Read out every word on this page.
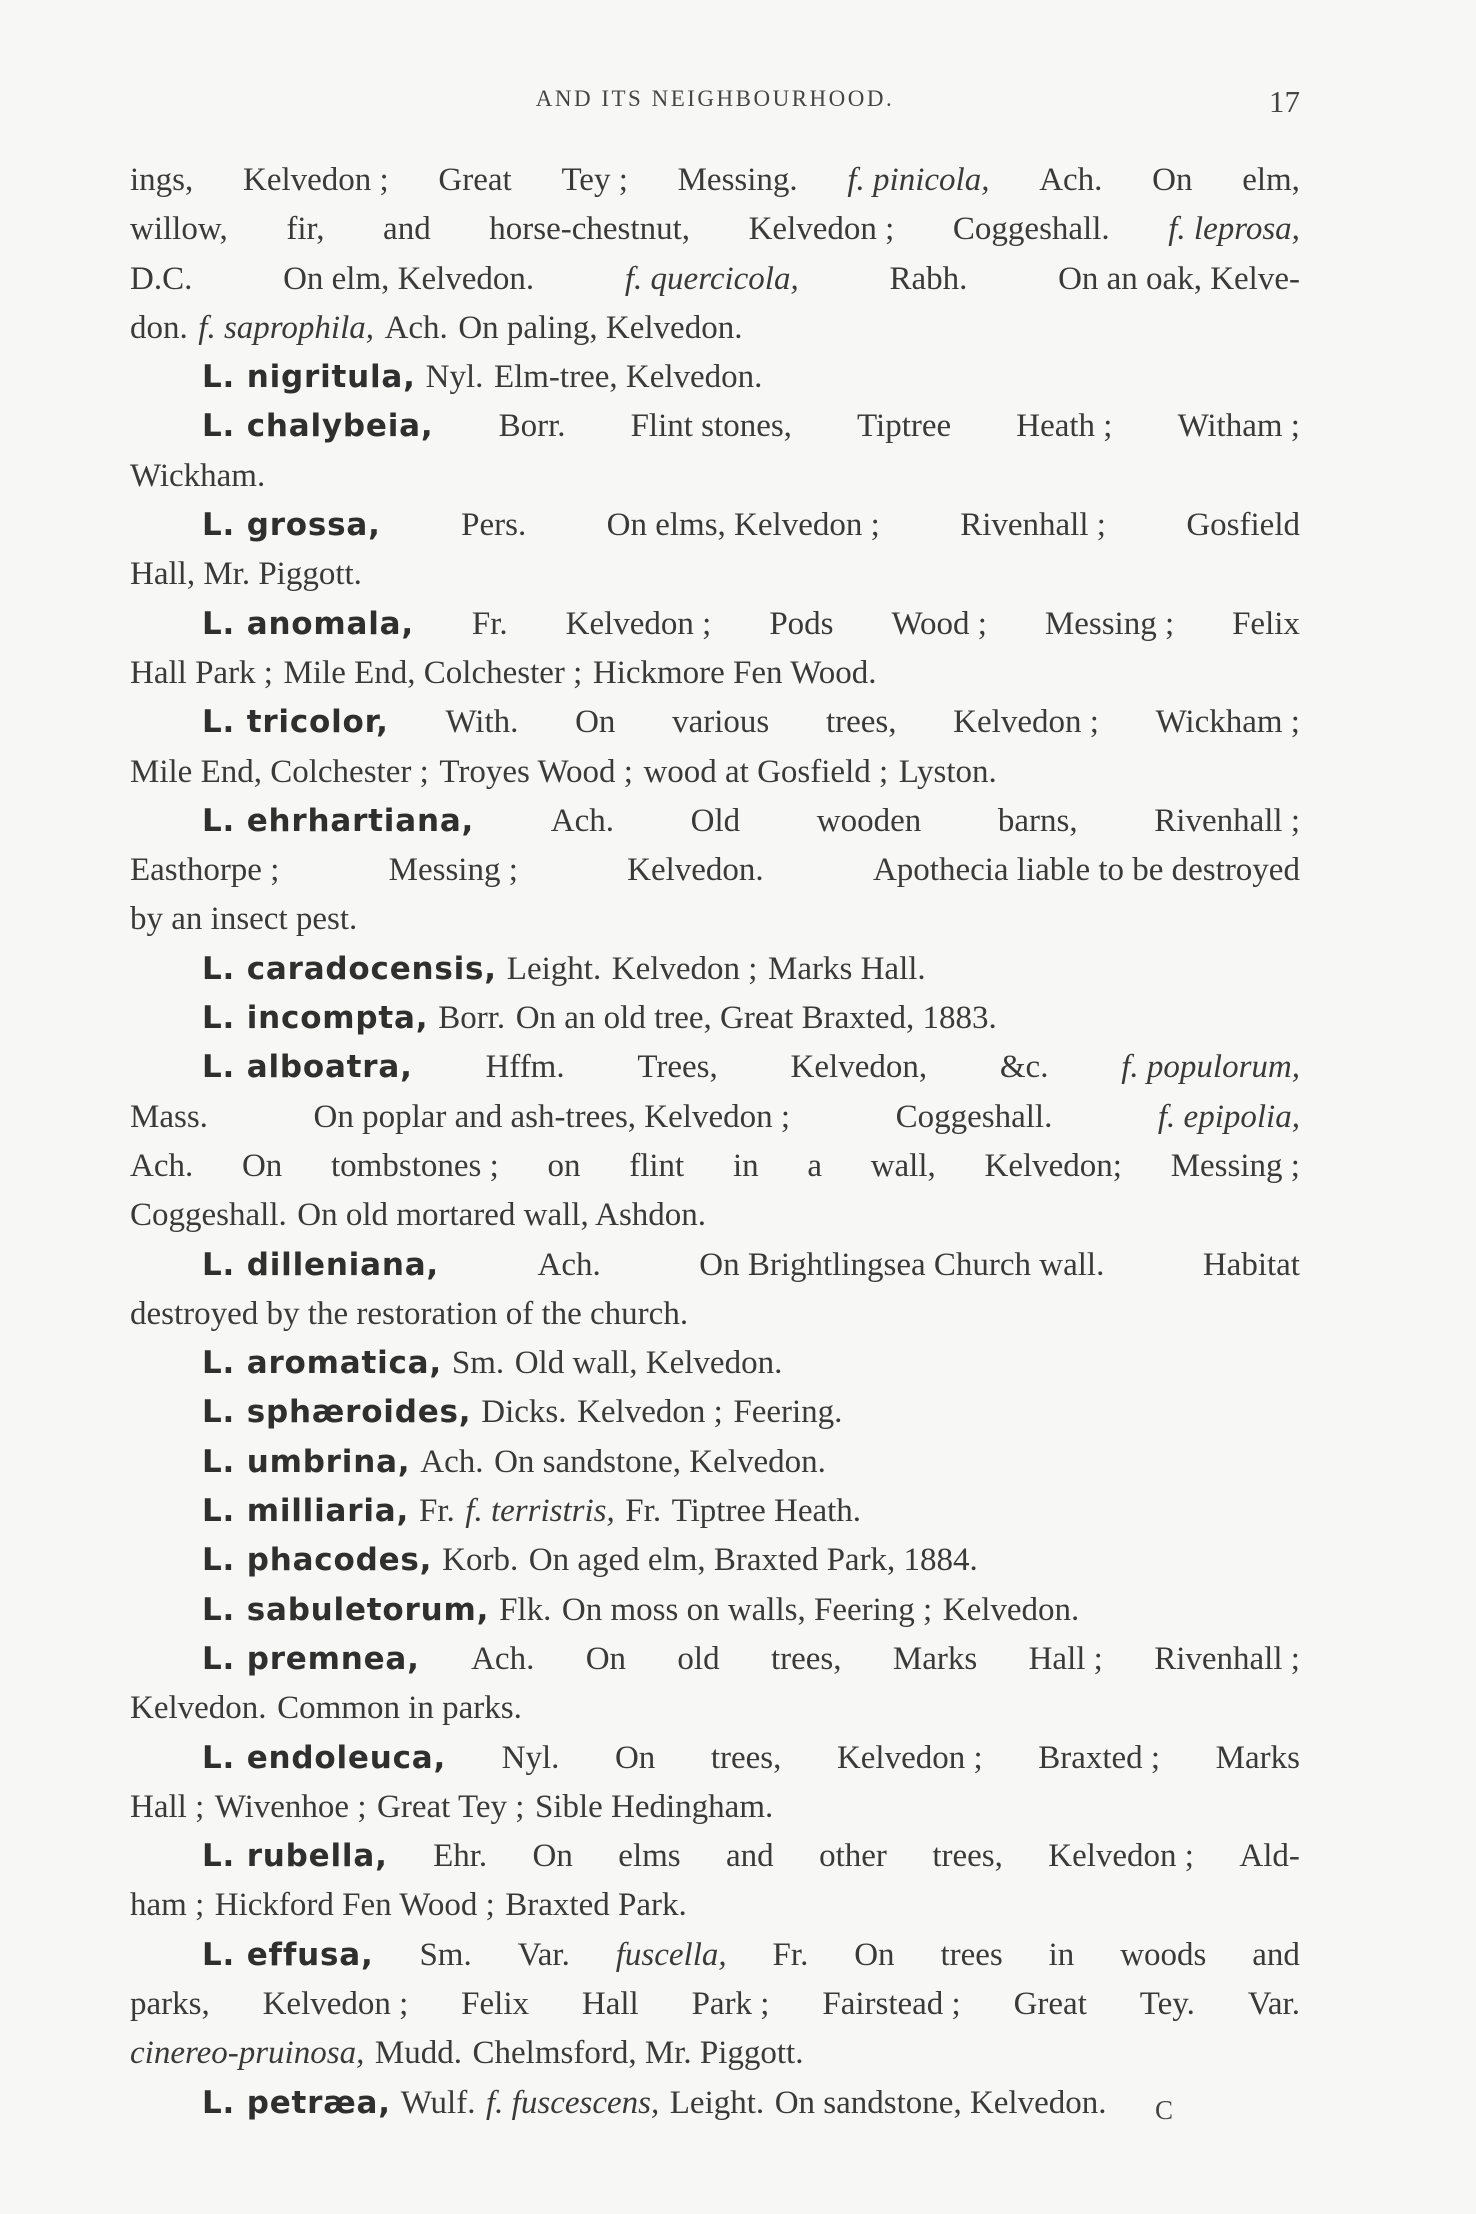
AND ITS NEIGHBOURHOOD.	17
ings, Kelvedon ; Great Tey ; Messing. f. pinicola, Ach. On elm,
willow, fir, and horse-chestnut, Kelvedon ; Coggeshall. f. leprosa,
D.C.	On elm, Kelvedon.	f. quercicola,	Rabh.	On an oak, Kelve-
don. f. saprophila, Ach. On paling, Kelvedon.
L. nigritula, Nyl. Elm-tree, Kelvedon.
L. chalybeia, Borr. Flint stones, Tiptree Heath ; Witham ;
Wickham.
L. grossa, Pers. On elms, Kelvedon ; Rivenhall ; Gosfield
Hall, Mr. Piggott.
L. anomala, Fr. Kelvedon ; Pods Wood ; Messing ; Felix
Hall Park ; Mile End, Colchester ; Hickmore Fen Wood.
L. tricolor, With. On various trees, Kelvedon ; Wickham ;
Mile End, Colchester ; Troyes Wood ; wood at Gosfield ; Lyston.
L. ehrhartiana, Ach. Old wooden barns, Rivenhall ;
Easthorpe ;	Messing ;	Kelvedon.	Apothecia liable to be destroyed
by an insect pest.
L. caradocensis, Leight. Kelvedon ; Marks Hall.
L. incompta, Borr. On an old tree, Great Braxted, 1883.
L. alboatra, Hffm. Trees, Kelvedon, &c. f. populorum,
Mass.	On poplar and ash-trees, Kelvedon ;	Coggeshall.	f. epipolia,
Ach. On tombstones ; on flint in a wall, Kelvedon; Messing ;
Coggeshall. On old mortared wall, Ashdon.
L. dilleniana,	Ach.	On Brightlingsea Church wall.	Habitat
destroyed by the restoration of the church.
L. aromatica, Sm. Old wall, Kelvedon.
L. sphæroides, Dicks. Kelvedon ; Feering.
L. umbrina, Ach. On sandstone, Kelvedon.
L. milliaria, Fr. f. terristris, Fr. Tiptree Heath.
L. phacodes, Korb. On aged elm, Braxted Park, 1884.
L. sabuletorum, Flk. On moss on walls, Feering ; Kelvedon.
L. premnea, Ach. On old trees, Marks Hall ; Rivenhall ;
Kelvedon. Common in parks.
L. endoleuca, Nyl. On trees, Kelvedon ; Braxted ; Marks
Hall ; Wivenhoe ; Great Tey ; Sible Hedingham.
L. rubella, Ehr. On elms and other trees, Kelvedon ; Ald-
ham ; Hickford Fen Wood ; Braxted Park.
L. effusa, Sm. Var. fuscella, Fr. On trees in woods and
parks, Kelvedon ; Felix Hall Park ; Fairstead ; Great Tey. Var.
cinereo-pruinosa, Mudd. Chelmsford, Mr. Piggott.
L. petræa, Wulf. f. fuscescens, Leight. On sandstone, Kelvedon. C
